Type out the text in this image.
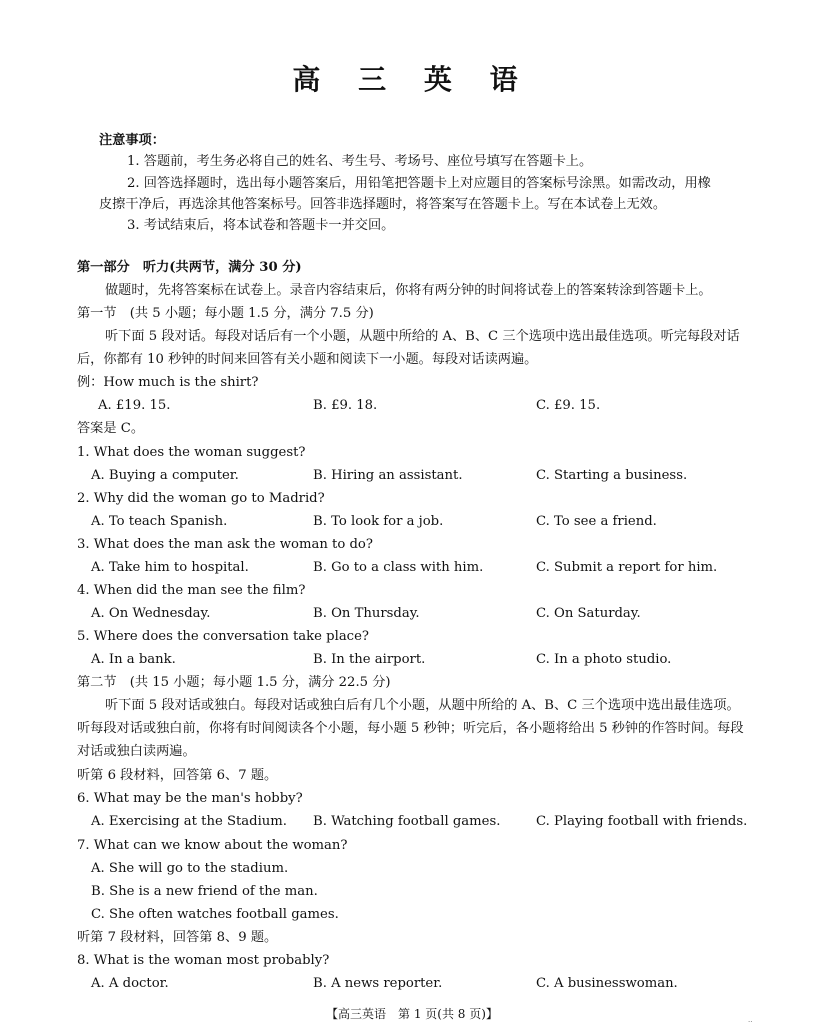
高 三 英 语
注意事项：
1. 答题前，考生务必将自己的姓名、考生号、考场号、座位号填写在答题卡上。
2. 回答选择题时，选出每小题答案后，用铅笔把答题卡上对应题目的答案标号涂黑。如需改动，用橡
皮擦干净后，再选涂其他答案标号。回答非选择题时，将答案写在答题卡上。写在本试卷上无效。
3. 考试结束后，将本试卷和答题卡一并交回。
第一部分　听力(共两节，满分 30 分)
做题时，先将答案标在试卷上。录音内容结束后，你将有两分钟的时间将试卷上的答案转涂到答题卡上。
第一节　(共 5 小题；每小题 1.5 分，满分 7.5 分)
听下面 5 段对话。每段对话后有一个小题，从题中所给的 A、B、C 三个选项中选出最佳选项。听完每段对话
后，你都有 10 秒钟的时间来回答有关小题和阅读下一小题。每段对话读两遍。
例：How much is the shirt?
A. £19. 15.	B. £9. 18.	C. £9. 15.
答案是 C。
1. What does the woman suggest?
A. Buying a computer.	B. Hiring an assistant.	C. Starting a business.
2. Why did the woman go to Madrid?
A. To teach Spanish.	B. To look for a job.	C. To see a friend.
3. What does the man ask the woman to do?
A. Take him to hospital.	B. Go to a class with him.	C. Submit a report for him.
4. When did the man see the film?
A. On Wednesday.	B. On Thursday.	C. On Saturday.
5. Where does the conversation take place?
A. In a bank.	B. In the airport.	C. In a photo studio.
第二节　(共 15 小题；每小题 1.5 分，满分 22.5 分)
听下面 5 段对话或独白。每段对话或独白后有几个小题，从题中所给的 A、B、C 三个选项中选出最佳选项。
听每段对话或独白前，你将有时间阅读各个小题，每小题 5 秒钟；听完后，各小题将给出 5 秒钟的作答时间。每段
对话或独白读两遍。
听第 6 段材料，回答第 6、7 题。
6. What may be the man's hobby?
A. Exercising at the Stadium. B. Watching football games.	C. Playing football with friends.
7. What can we know about the woman?
A. She will go to the stadium.
B. She is a new friend of the man.
C. She often watches football games.
听第 7 段材料，回答第 8、9 题。
8. What is the woman most probably?
A. A doctor.	B. A news reporter.	C. A businesswoman.
【高三英语　第 1 页(共 8 页)】
··
